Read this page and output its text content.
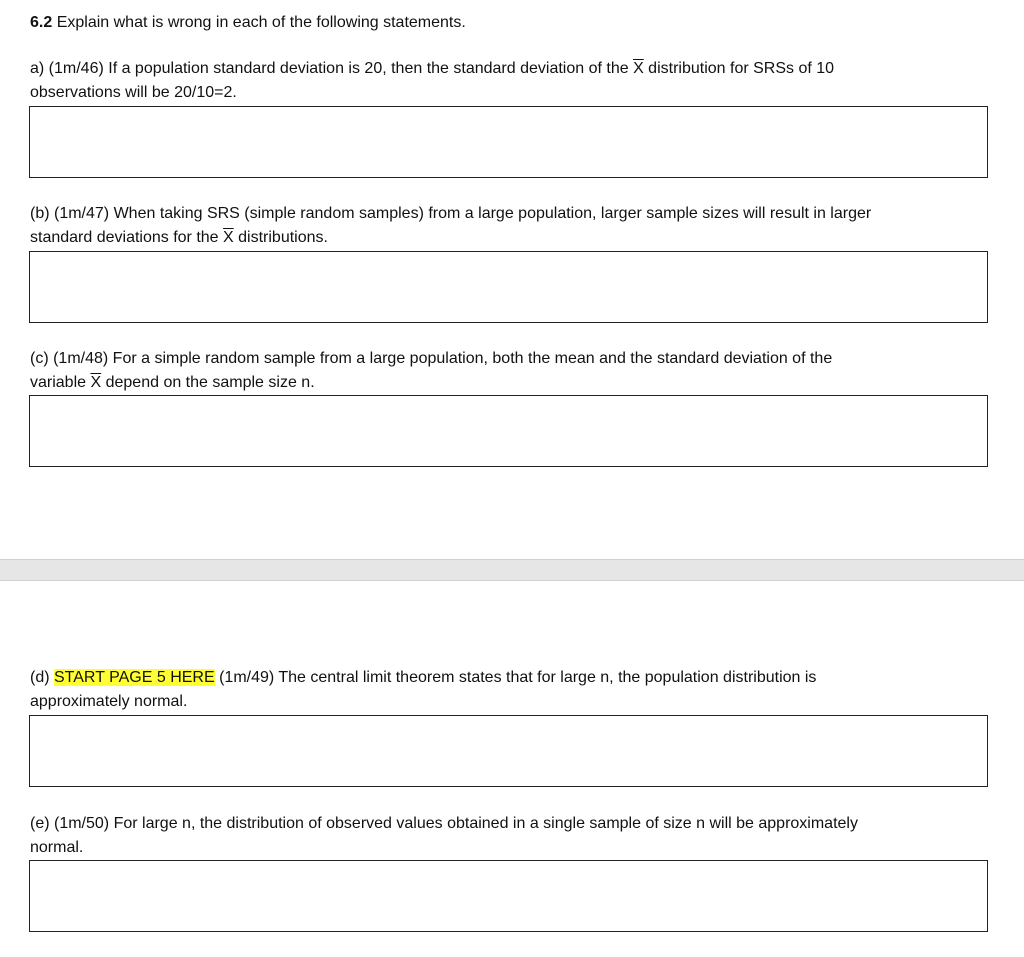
6.2 Explain what is wrong in each of the following statements.
a) (1m/46) If a population standard deviation is 20, then the standard deviation of the $\overline{X}$ distribution for SRSs of 10
observations will be 20/10=2.
(b) (1m/47) When taking SRS (simple random samples) from a large population, larger sample sizes will result in larger
standard deviations for the $\overline{X}$ distributions.
(c) (1m/48) For a simple random sample from a large population, both the mean and the standard deviation of the
variable $\overline{X}$ depend on the sample size n.
(d) START PAGE 5 HERE (1m/49) The central limit theorem states that for large n, the population distribution is
approximately normal.
(e) (1m/50) For large n, the distribution of observed values obtained in a single sample of size n will be approximately
normal.
